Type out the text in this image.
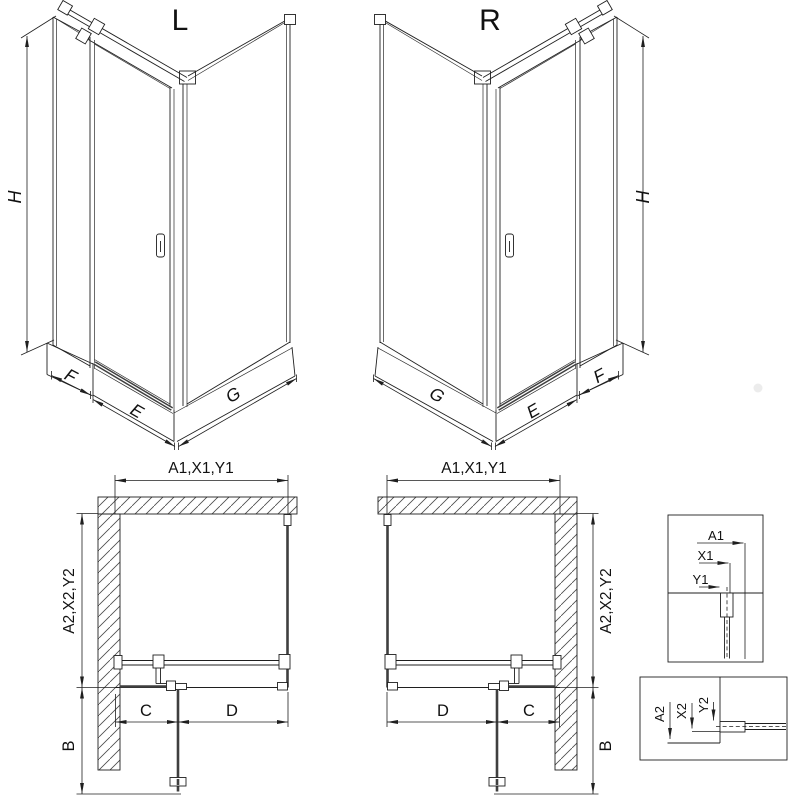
L
H
F
E
G
R
H
F
E
G
A1,X1,Y1
A2,X2,Y2
C	D
B
A1,X1,Y1
A2,X2,Y2
D	C
B
A1
X1
Y1
A2 X2 Y2
